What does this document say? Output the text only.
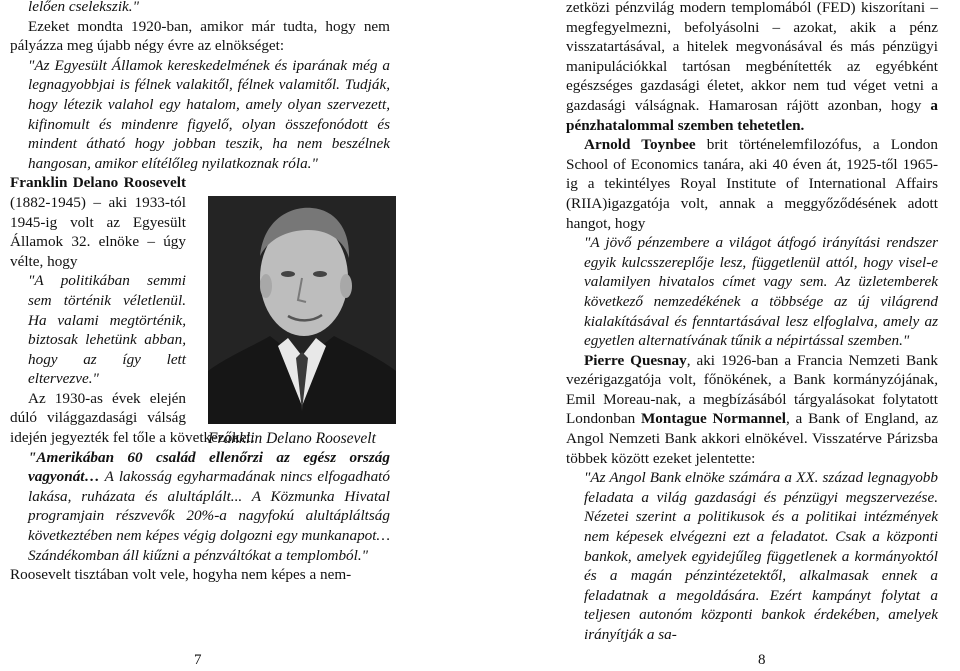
lelően cselekszik."

Ezeket mondta 1920-ban, amikor már tudta, hogy nem pályázza meg újabb négy évre az elnökséget:

"Az Egyesült Államok kereskedelmének és iparának még a legnagyobbjai is félnek valakitől, félnek valamitől. Tudják, hogy létezik valahol egy hatalom, amely olyan szervezett, kifinomult és mindenre figyelő, olyan összefonódott és mindent átható hogy jobban teszik, ha nem beszélnek hangosan, amikor elítélőleg nyilatkoznak róla."

Franklin Delano Roosevelt (1882-1945) – aki 1933-tól 1945-ig volt az Egyesült Államok 32. elnöke – úgy vélte, hogy

"A politikában semmi sem történik véletlenül. Ha valami megtörténik, biztosak lehetünk abban, hogy az így lett eltervezve."

Az 1930-as évek elején dúló világgazdasági válság idején jegyezték fel tőle a következőket:

"Amerikában 60 család ellenőrzi az egész ország vagyonát… A lakosság egyharmadának nincs elfogadható lakása, ruházata és alultáplált... A Közmunka Hivatal programjain részvevők 20%-a nagyfokú alultápláltság következtében nem képes végig dolgozni egy munkanapot… Szándékomban áll kiűzni a pénzváltókat a templomból."

Roosevelt tisztában volt vele, hogyha nem képes a nem-

Franklin Delano Roosevelt
7

zetközi pénzvilág modern templomából (FED) kiszorítani – megfegyelmezni, befolyásolni – azokat, akik a pénz visszatartásával, a hitelek megvonásával és más pénzügyi manipulációkkal tartósan megbénítették az egyébként egészséges gazdasági életet, akkor nem tud véget vetni a gazdasági válságnak. Hamarosan rájött azonban, hogy a pénzhatalommal szemben tehetetlen.

Arnold Toynbee brit történelemfilozófus, a London School of Economics tanára, aki 40 éven át, 1925-től 1965-ig a tekintélyes Royal Institute of International Affairs (RIIA)igazgatója volt, annak a meggyőződésének adott hangot, hogy

"A jövő pénzembere a világot átfogó irányítási rendszer egyik kulcsszereplője lesz, függetlenül attól, hogy visel-e valamilyen hivatalos címet vagy sem. Az üzletemberek következő nemzedékének a többsége az új világrend kialakításával és fenntartásával lesz elfoglalva, amely az egyetlen alternatívának tűnik a népirtással szemben."

Pierre Quesnay, aki 1926-ban a Francia Nemzeti Bank vezérigazgatója volt, főnökének, a Bank kormányzójának, Emil Moreau-nak, a megbízásából tárgyalásokat folytatott Londonban Montague Normannel, a Bank of England, az Angol Nemzeti Bank akkori elnökével. Visszatérve Párizsba többek között ezeket jelentette:

"Az Angol Bank elnöke számára a XX. század legnagyobb feladata a világ gazdasági és pénzügyi megszervezése. Nézetei szerint a politikusok és a politikai intézmények nem képesek elvégezni ezt a feladatot. Csak a központi bankok, amelyek egyidejűleg függetlenek a kormányoktól és a magán pénzintézetektől, alkalmasak ennek a feladatnak a megoldására. Ezért kampányt folytat a teljesen autonóm központi bankok érdekében, amelyek irányítják a sa-

8
